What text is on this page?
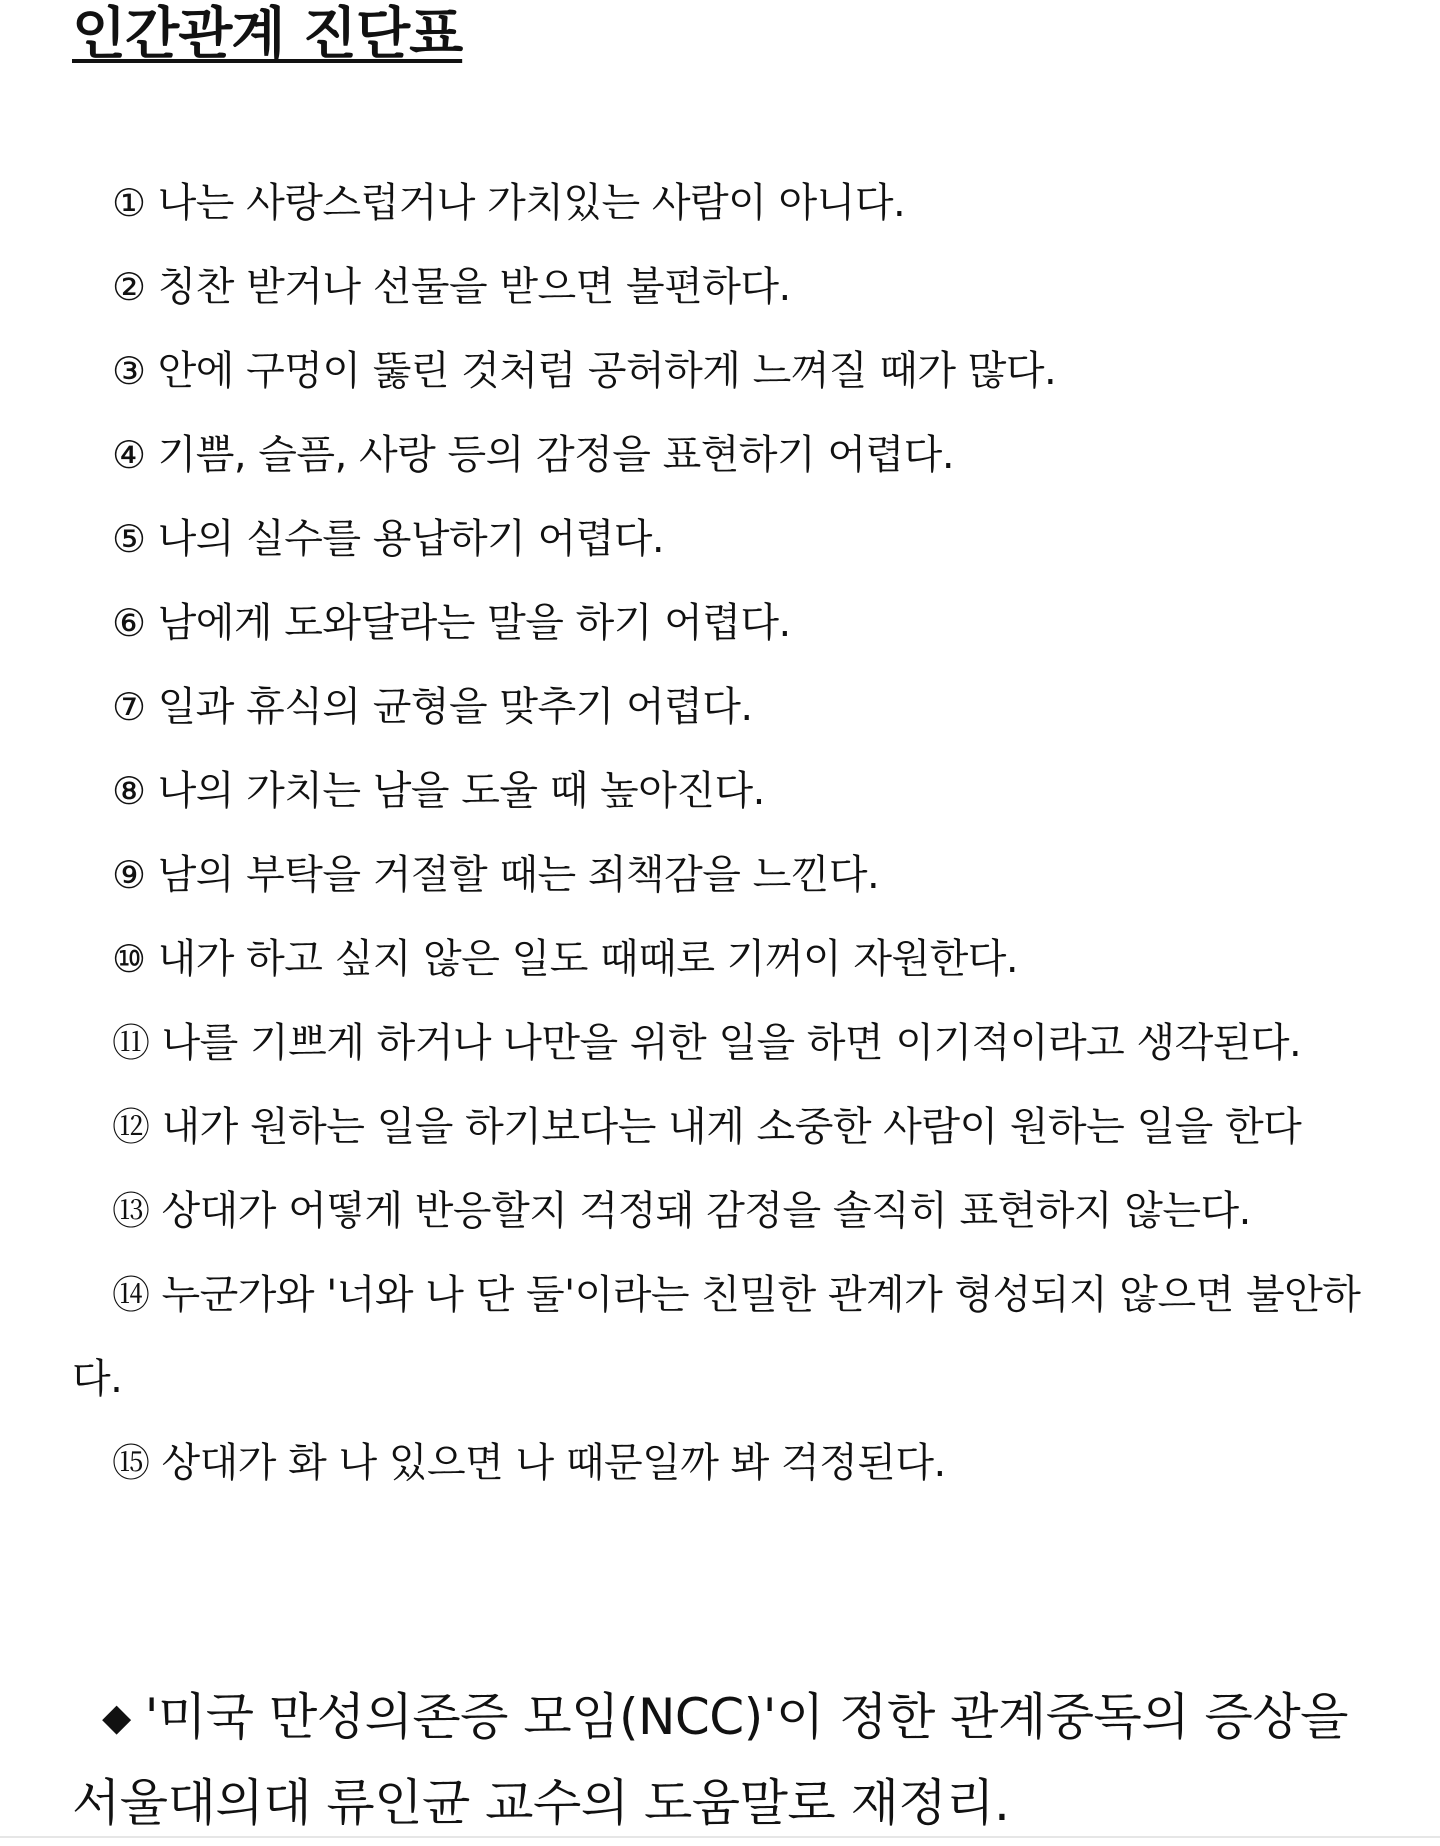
인간관계 진단표
① 나는 사랑스럽거나 가치있는 사람이 아니다.
② 칭찬 받거나 선물을 받으면 불편하다.
③ 안에 구멍이 뚫린 것처럼 공허하게 느껴질 때가 많다.
④ 기쁨, 슬픔, 사랑 등의 감정을 표현하기 어렵다.
⑤ 나의 실수를 용납하기 어렵다.
⑥ 남에게 도와달라는 말을 하기 어렵다.
⑦ 일과 휴식의 균형을 맞추기 어렵다.
⑧ 나의 가치는 남을 도울 때 높아진다.
⑨ 남의 부탁을 거절할 때는 죄책감을 느낀다.
⑩ 내가 하고 싶지 않은 일도 때때로 기꺼이 자원한다.
⑪ 나를 기쁘게 하거나 나만을 위한 일을 하면 이기적이라고 생각된다.
⑫ 내가 원하는 일을 하기보다는 내게 소중한 사람이 원하는 일을 한다
⑬ 상대가 어떻게 반응할지 걱정돼 감정을 솔직히 표현하지 않는다.
⑭ 누군가와 '너와 나 단 둘'이라는 친밀한 관계가 형성되지 않으면 불안하다.
⑮ 상대가 화 나 있으면 나 때문일까 봐 걱정된다.

◆ '미국 만성의존증 모임(NCC)'이 정한 관계중독의 증상을 서울대의대 류인균 교수의 도움말로 재정리.
